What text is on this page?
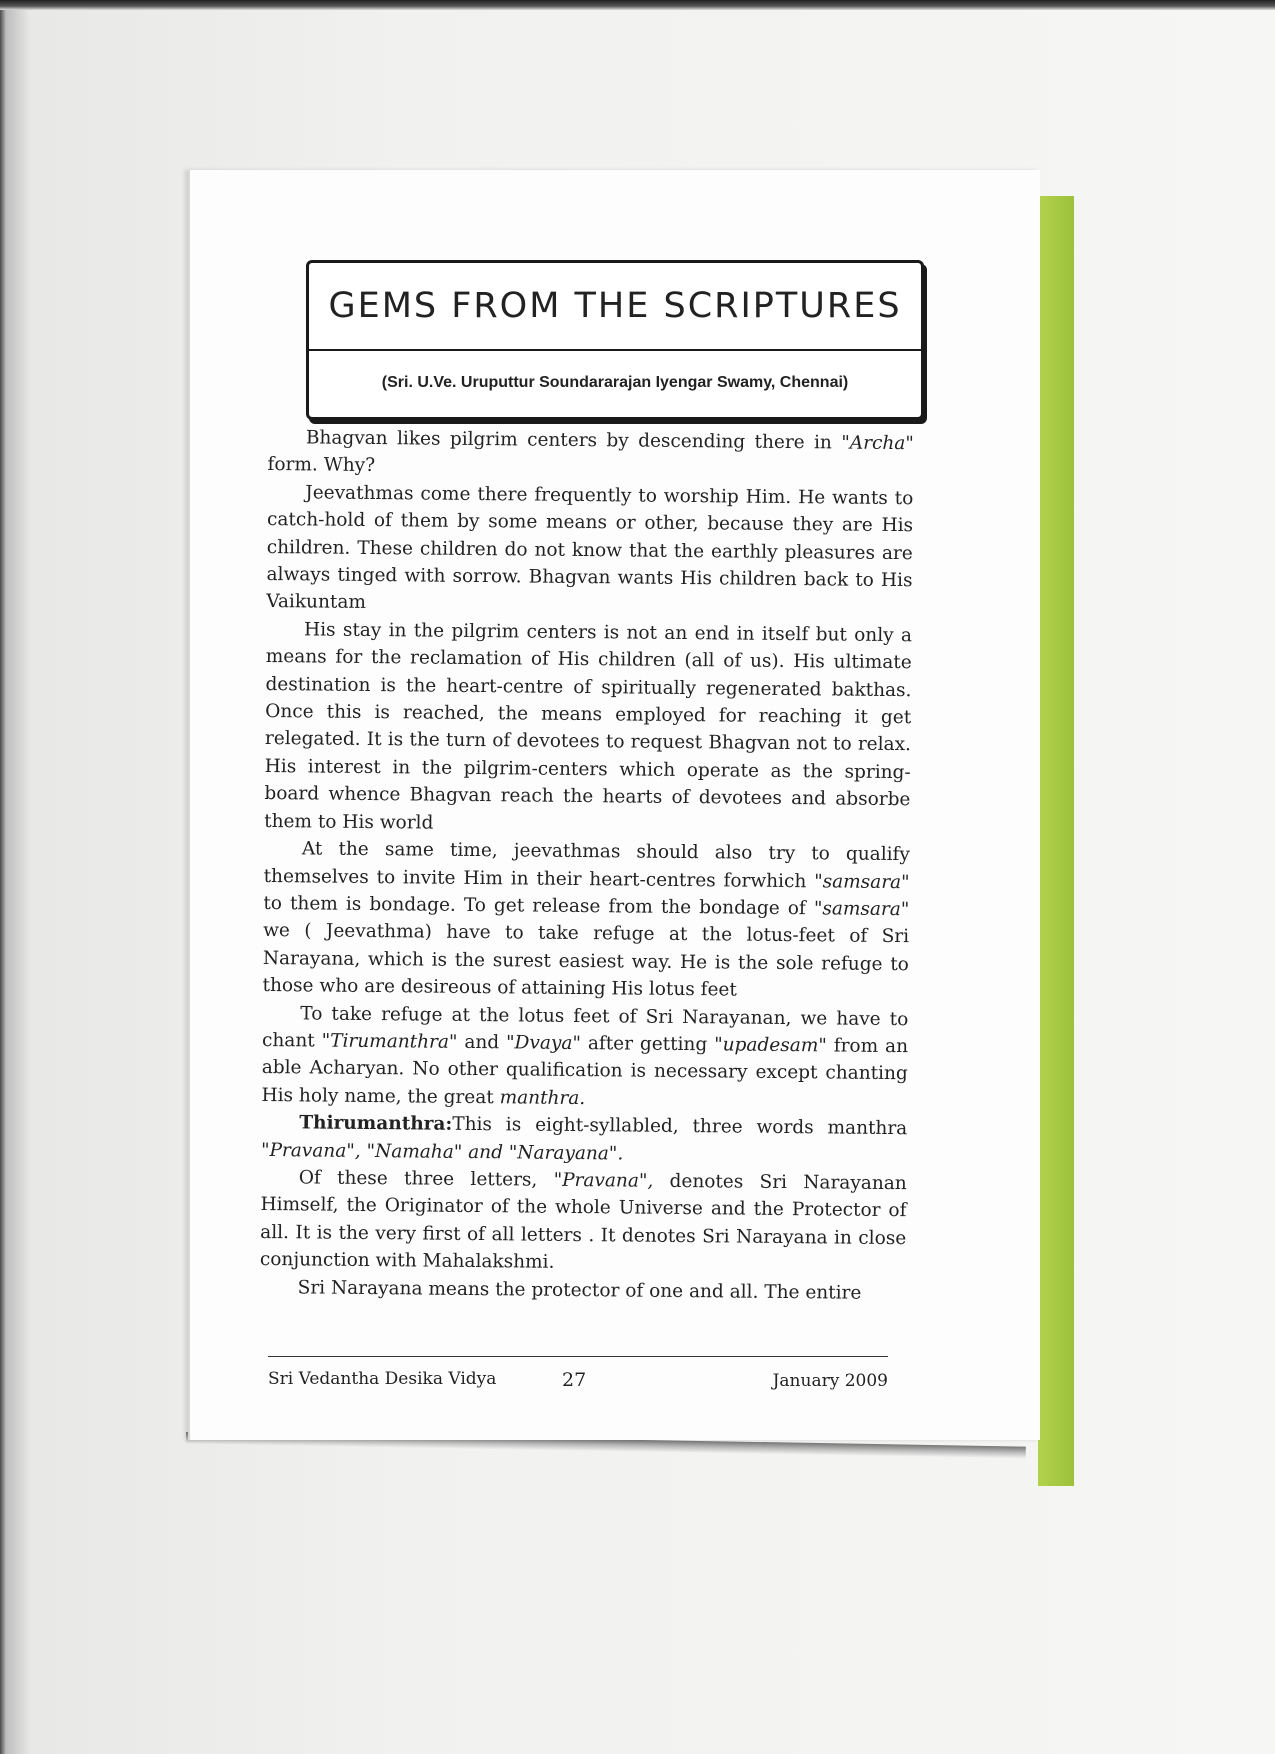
GEMS FROM THE SCRIPTURES
(Sri. U.Ve. Uruputtur Soundararajan Iyengar Swamy, Chennai)

Bhagvan likes pilgrim centers by descending there in "Archa" form. Why?

Jeevathmas come there frequently to worship Him. He wants to catch-hold of them by some means or other, because they are His children. These children do not know that the earthly pleasures are always tinged with sorrow. Bhagvan wants His children back to His Vaikuntam

His stay in the pilgrim centers is not an end in itself but only a means for the reclamation of His children (all of us). His ultimate destination is the heart-centre of spiritually regenerated bakthas. Once this is reached, the means employed for reaching it get relegated. It is the turn of devotees to request Bhagvan not to relax. His interest in the pilgrim-centers which operate as the spring-board whence Bhagvan reach the hearts of devotees and absorbe them to His world

At the same time, jeevathmas should also try to qualify themselves to invite Him in their heart-centres forwhich "samsara" to them is bondage. To get release from the bondage of "samsara" we ( Jeevathma) have to take refuge at the lotus-feet of Sri Narayana, which is the surest easiest way. He is the sole refuge to those who are desireous of attaining His lotus feet

To take refuge at the lotus feet of Sri Narayanan, we have to chant "Tirumanthra" and "Dvaya" after getting "upadesam" from an able Acharyan. No other qualification is necessary except chanting His holy name, the great manthra.

Thirumanthra:This is eight-syllabled, three words manthra "Pravana", "Namaha" and "Narayana".

Of these three letters, "Pravana", denotes Sri Narayanan Himself, the Originator of the whole Universe and the Protector of all. It is the very first of all letters . It denotes Sri Narayana in close conjunction with Mahalakshmi.

Sri Narayana means the protector of one and all. The entire

Sri Vedantha Desika Vidya	27	January 2009
